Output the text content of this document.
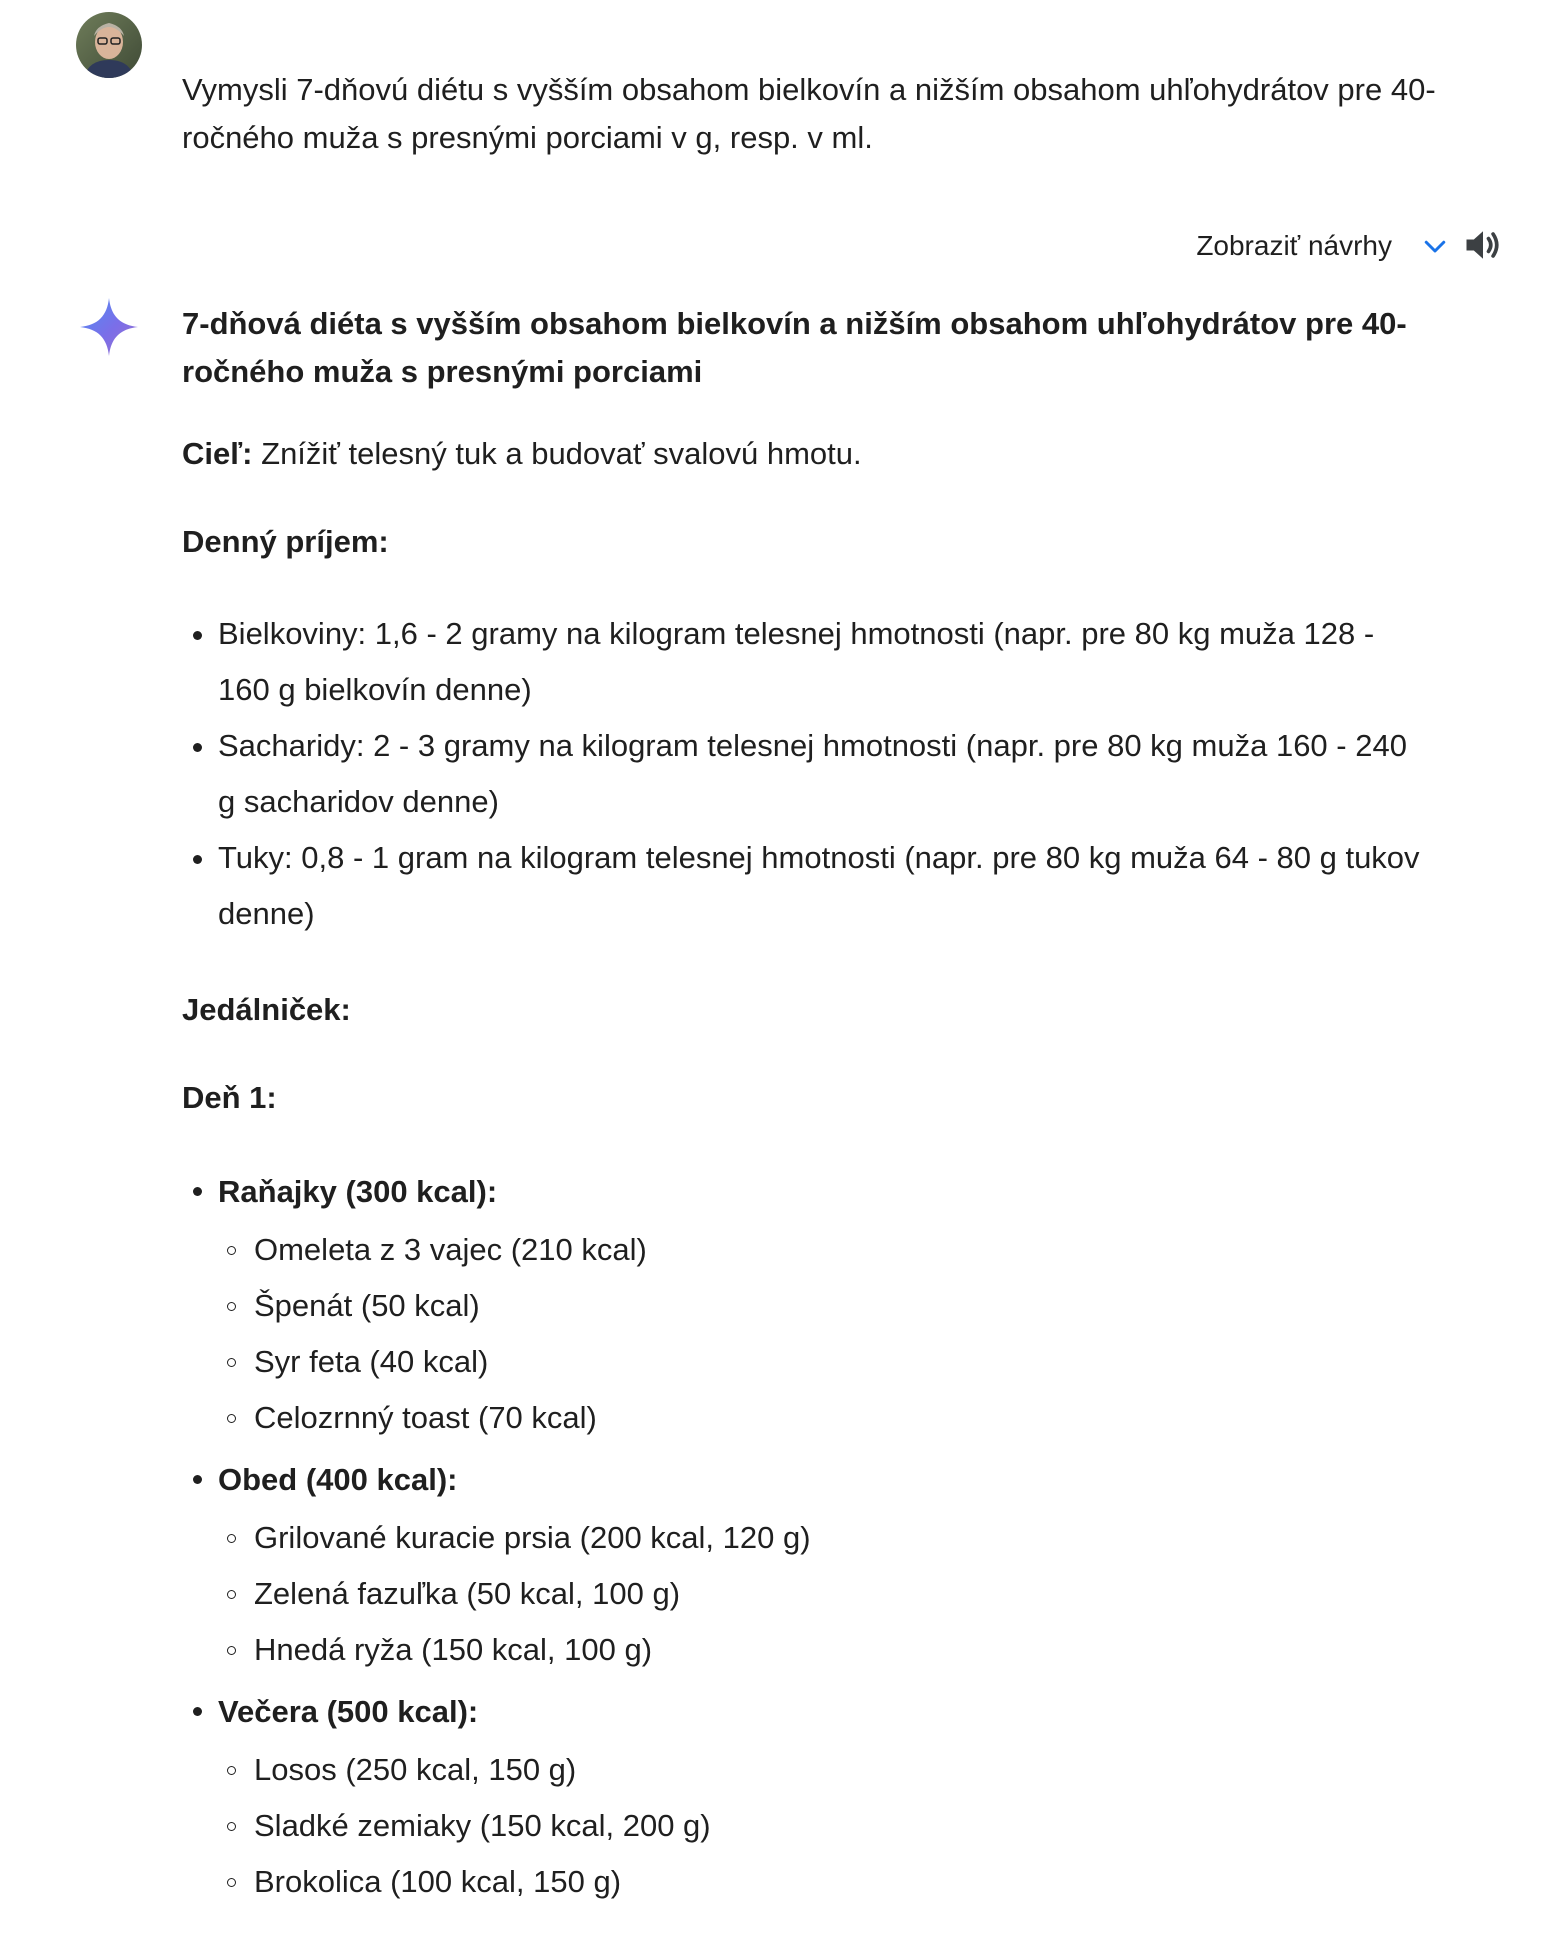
Vymysli 7-dňovú diétu s vyšším obsahom bielkovín a nižším obsahom uhľohydrátov pre 40-ročného muža s presnými porciami v g, resp. v ml.

Zobraziť návrhy
7-dňová diéta s vyšším obsahom bielkovín a nižším obsahom uhľohydrátov pre 40-ročného muža s presnými porciami

Cieľ: Znížiť telesný tuk a budovať svalovú hmotu.

Denný príjem:

Bielkoviny: 1,6 - 2 gramy na kilogram telesnej hmotnosti (napr. pre 80 kg muža 128 - 160 g bielkovín denne)
Sacharidy: 2 - 3 gramy na kilogram telesnej hmotnosti (napr. pre 80 kg muža 160 - 240 g sacharidov denne)
Tuky: 0,8 - 1 gram na kilogram telesnej hmotnosti (napr. pre 80 kg muža 64 - 80 g tukov denne)

Jedálniček:

Deň 1:

Raňajky (300 kcal):
Omeleta z 3 vajec (210 kcal)
Špenát (50 kcal)
Syr feta (40 kcal)
Celozrnný toast (70 kcal)
Obed (400 kcal):
Grilované kuracie prsia (200 kcal, 120 g)
Zelená fazuľka (50 kcal, 100 g)
Hnedá ryža (150 kcal, 100 g)
Večera (500 kcal):
Losos (250 kcal, 150 g)
Sladké zemiaky (150 kcal, 200 g)
Brokolica (100 kcal, 150 g)
